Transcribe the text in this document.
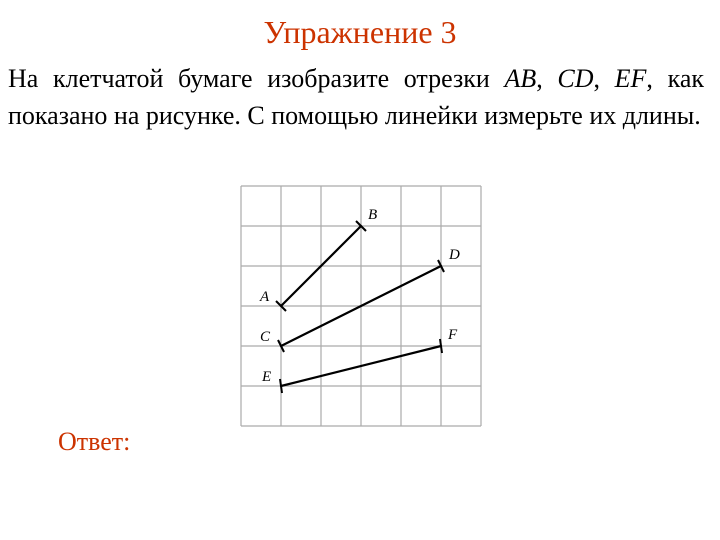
Упражнение 3
На клетчатой бумаге изобразите отрезки AB, CD, EF, как показано на рисунке. С помощью линейки измерьте их длины.
A
B
C
D
E
F
Ответ:
